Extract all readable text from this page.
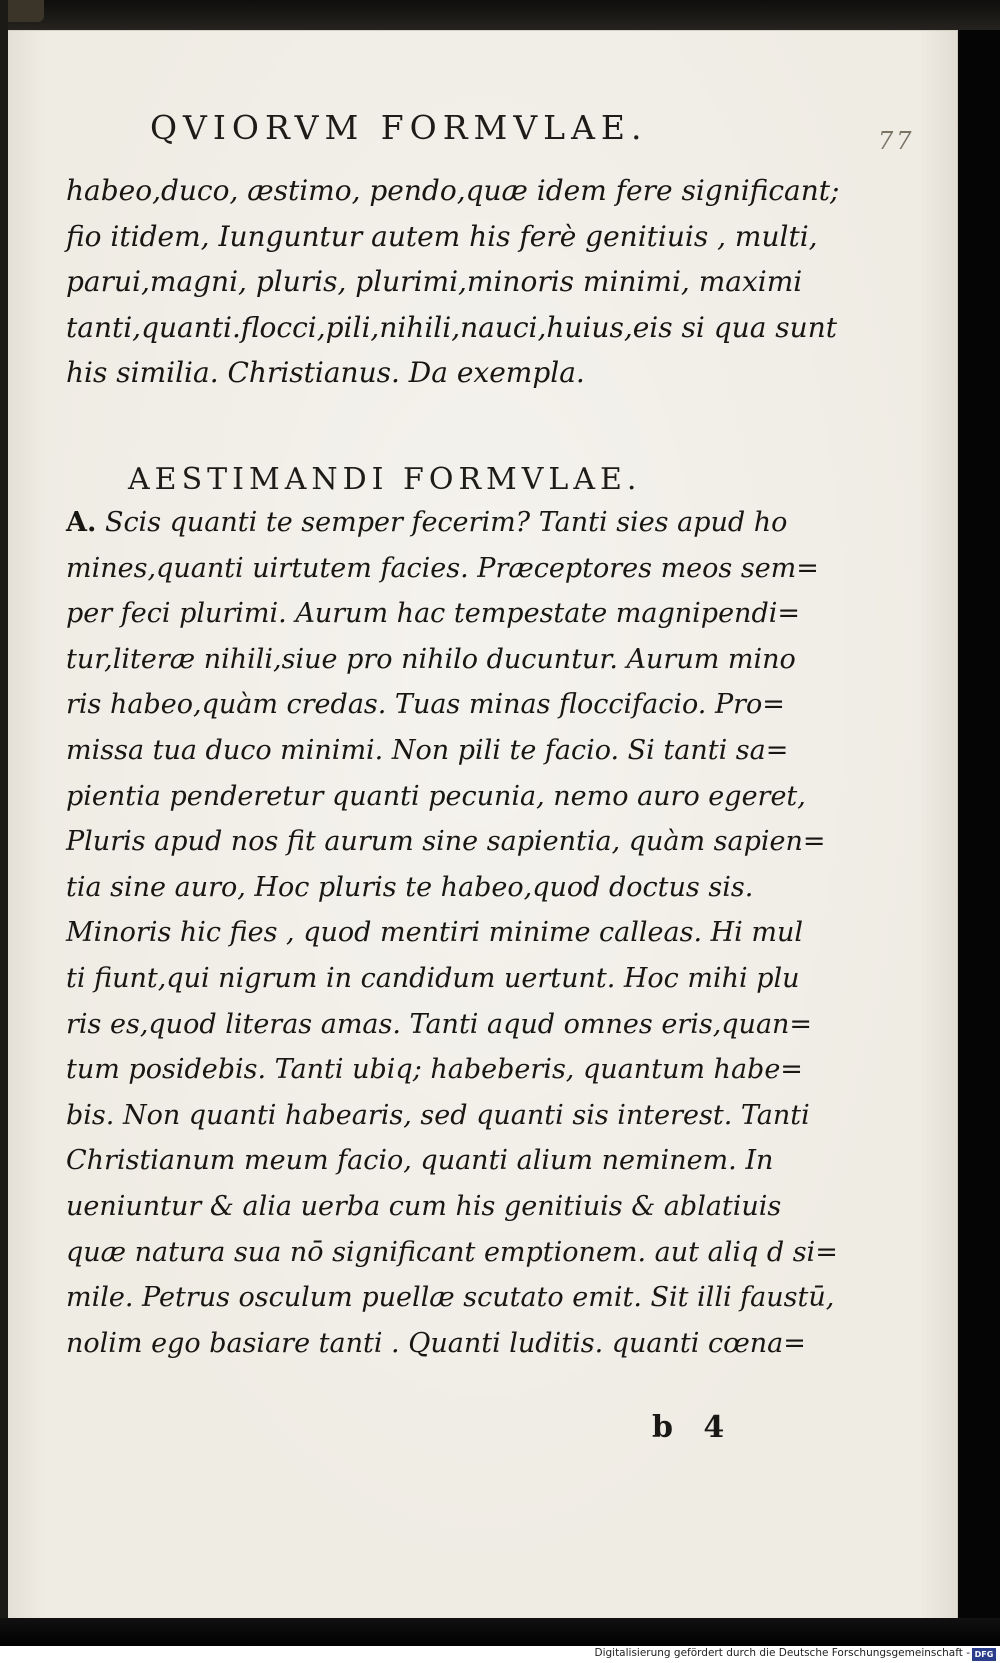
QVIORVM FORMVLAE.	77
habeo,duco, æstimo, pendo,quæ idem fere significant;
fio itidem, Iunguntur autem his ferè genitiuis , multi,
parui,magni, pluris, plurimi,minoris minimi, maximi
tanti,quanti.flocci,pili,nihili,nauci,huius,eis si qua sunt
his similia. Christianus. Da exempla.
AESTIMANDI FORMVLAE.
A. Scis quanti te semper fecerim? Tanti sies apud ho
mines,quanti uirtutem facies. Præceptores meos sem=
per feci plurimi. Aurum hac tempestate magnipendi=
tur,literæ nihili,siue pro nihilo ducuntur. Aurum mino
ris habeo,quàm credas. Tuas minas floccifacio. Pro=
missa tua duco minimi. Non pili te facio. Si tanti sa=
pientia penderetur quanti pecunia, nemo auro egeret,
Pluris apud nos fit aurum sine sapientia, quàm sapien=
tia sine auro, Hoc pluris te habeo,quod doctus sis.
Minoris hic fies , quod mentiri minime calleas. Hi mul
ti fiunt,qui nigrum in candidum uertunt. Hoc mihi plu
ris es,quod literas amas. Tanti aqud omnes eris,quan=
tum posidebis. Tanti ubiq; habeberis, quantum habe=
bis. Non quanti habearis, sed quanti sis interest. Tanti
Christianum meum facio, quanti alium neminem. In
ueniuntur & alia uerba cum his genitiuis & ablatiuis
quæ natura sua nō significant emptionem. aut aliq d si=
mile. Petrus osculum puellæ scutato emit. Sit illi faustū,
nolim ego basiare tanti . Quanti luditis. quanti cœna=
b 4
Digitalisierung gefördert durch die Deutsche Forschungsgemeinschaft - DFG
